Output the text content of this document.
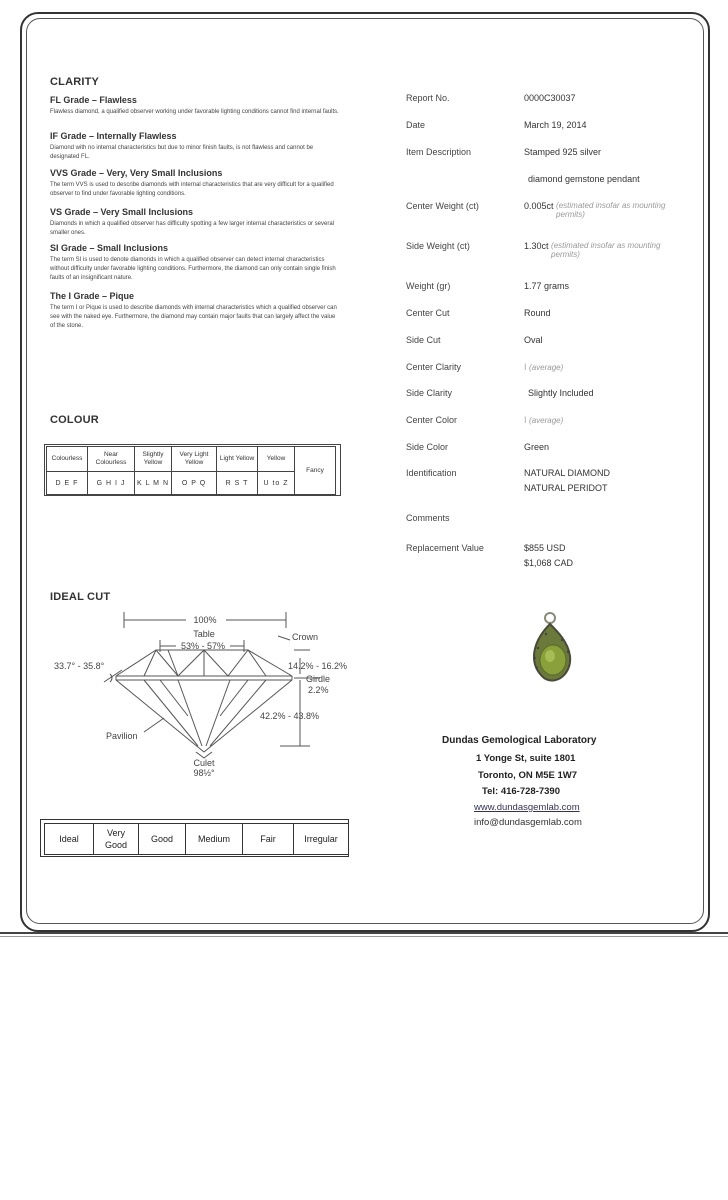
CLARITY
FL Grade – Flawless
Flawless diamond, a qualified observer working under favorable lighting conditions cannot find internal faults.
IF Grade – Internally Flawless
Diamond with no internal characteristics but due to minor finish faults, is not flawless and cannot be designated FL.
VVS Grade – Very, Very Small Inclusions
The term VVS is used to describe diamonds with internal characteristics that are very difficult for a qualified observer to find under favorable lighting conditions.
VS Grade – Very Small Inclusions
Diamonds in which a qualified observer has difficulty spotting a few larger internal characteristics or several smaller ones.
SI Grade – Small Inclusions
The term SI is used to denote diamonds in which a qualified observer can detect internal characteristics without difficulty under favorable lighting conditions. Furthermore, the diamond can only contain single finish faults of an insignificant nature.
The I Grade – Pique
The term I or Pique is used to describe diamonds with internal characteristics which a qualified observer can see with the naked eye. Furthermore, the diamond may contain major faults that can largely affect the value of the stone.
COLOUR
Colourless	Near Colourless	Slightly Yellow	Very Light Yellow	Light Yellow	Yellow	Fancy
D E F	G H I J	K L M N	O P Q	R S T	U to Z	
IDEAL CUT
100%
Table
53% - 57%
Crown
33.7° - 35.8°	14.2% - 16.2%
Girdle
2.2%
42.2% - 43.8%
Pavilion
Culet
98½°
Ideal	Very Good	Good	Medium	Fair	Irregular
Report No.	0000C30037
Date	March 19, 2014
Item Description	Stamped 925 silver
diamond gemstone pendant
Center Weight (ct)	0.005ct (estimated insofar as mounting permits)
Side Weight (ct)	1.30ct (estimated insofar as mounting permits)
Weight (gr)	1.77 grams
Center Cut	Round
Side Cut	Oval
Center Clarity	I (average)
Side Clarity	Slightly Included
Center Color	I (average)
Side Color	Green
Identification	NATURAL DIAMOND
NATURAL PERIDOT
Comments
Replacement Value	$855 USD
$1,068 CAD
Dundas Gemological Laboratory
1 Yonge St, suite 1801
Toronto, ON M5E 1W7
Tel: 416-728-7390
www.dundasgemlab.com
info@dundasgemlab.com
